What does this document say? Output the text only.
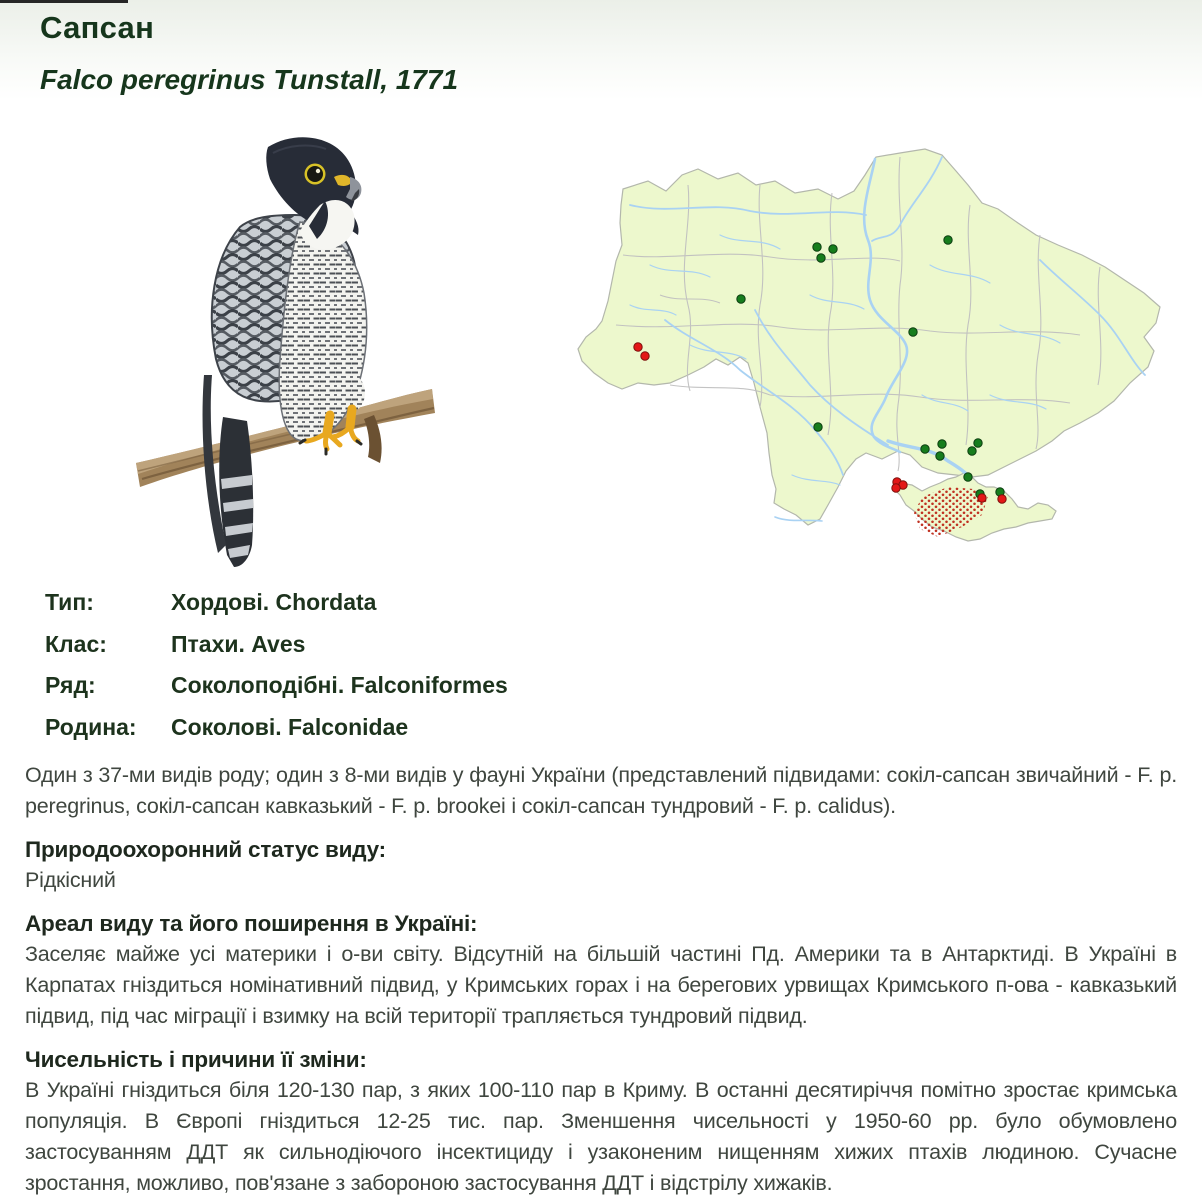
Сапсан
Falco peregrinus Tunstall, 1771
Тип:	Хордові. Chordata
Клас:	Птахи. Aves
Ряд:	Соколоподібні. Falconiformes
Родина: Соколові. Falconidae

Один з 37-ми видів роду; один з 8-ми видів у фауні України (представлений підвидами: сокіл-сапсан звичайний - F. p. peregrinus, сокіл-сапсан кавказький - F. p. brookei і сокіл-сапсан тундровий - F. p. calidus).

Природоохоронний статус виду:

Рідкісний

Ареал виду та його поширення в Україні:

Заселяє майже усі материки і о-ви світу. Відсутній на більшій частині Пд. Америки та в Антарктиді. В Україні в Карпатах гніздиться номінативний підвид, у Кримських горах і на берегових урвищах Кримського п-ова - кавказький підвид, під час міграції і взимку на всій території трапляється тундровий підвид.

Чисельність і причини її зміни:

В Україні гніздиться біля 120-130 пар, з яких 100-110 пар в Криму. В останні десятиріччя помітно зростає кримська популяція. В Європі гніздиться 12-25 тис. пар. Зменшення чисельності у 1950-60 рр. було обумовлено застосуванням ДДТ як сильнодіючого інсектициду і узаконеним нищенням хижих птахів людиною. Сучасне зростання, можливо, пов'язане з забороною застосування ДДТ і відстрілу хижаків.
